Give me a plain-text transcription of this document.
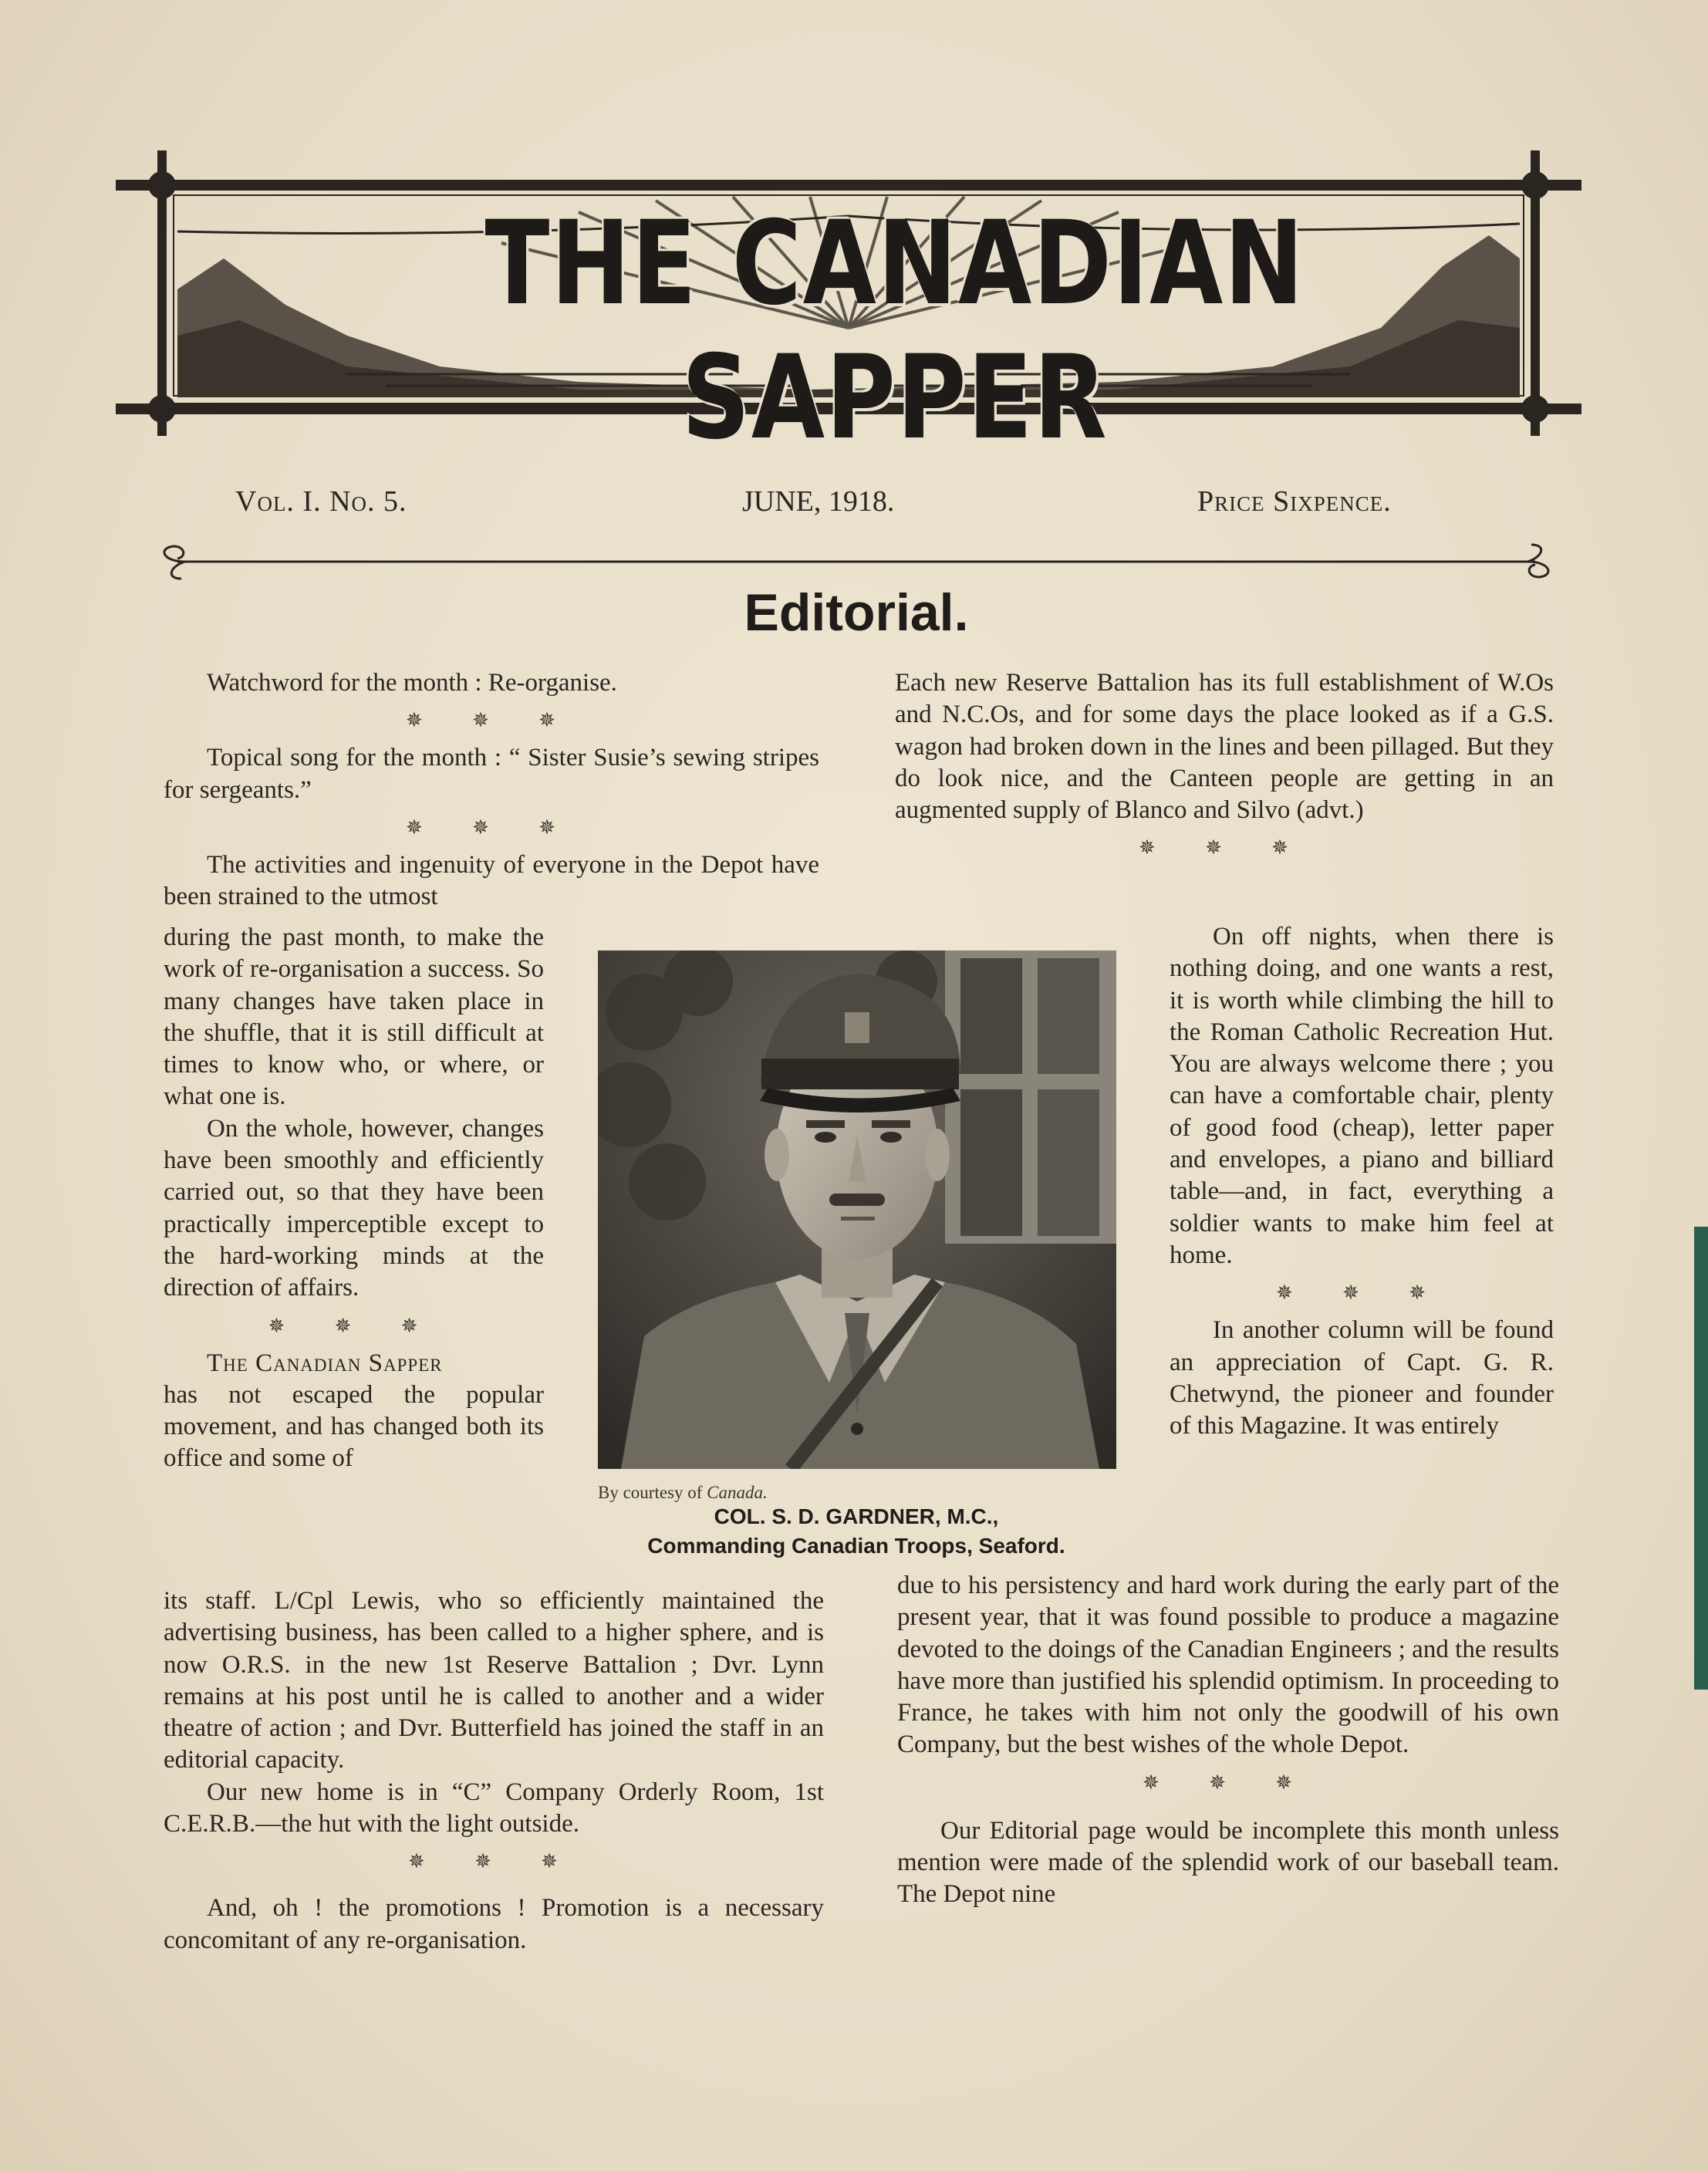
THE CANADIAN SAPPER
Vol. I. No. 5.	JUNE, 1918.	Price Sixpence.
Editorial.

Watchword for the month : Re-organise.

✵ ✵ ✵

Topical song for the month : “ Sister Susie’s sewing stripes for sergeants.”

✵ ✵ ✵

The activities and ingenuity of everyone in the Depot have been strained to the utmost

during the past month, to make the work of re-organisation a success. So many changes have taken place in the shuffle, that it is still difficult at times to know who, or where, or what one is.

On the whole, however, changes have been smoothly and efficiently carried out, so that they have been practically imperceptible except to the hard-working minds at the direction of affairs.

✵ ✵ ✵

The Canadian Sapper

has not escaped the popular movement, and has changed both its office and some of

its staff. L/Cpl Lewis, who so efficiently maintained the advertising business, has been called to a higher sphere, and is now O.R.S. in the new 1st Reserve Battalion ; Dvr. Lynn remains at his post until he is called to another and a wider theatre of action ; and Dvr. Butterfield has joined the staff in an editorial capacity.

Our new home is in “C” Company Orderly Room, 1st C.E.R.B.—the hut with the light outside.

✵ ✵ ✵

And, oh ! the promotions ! Promotion is a necessary concomitant of any re-organisation.

Each new Reserve Battalion has its full establishment of W.Os and N.C.Os, and for some days the place looked as if a G.S. wagon had broken down in the lines and been pillaged. But they do look nice, and the Canteen people are getting in an augmented supply of Blanco and Silvo (advt.)

✵ ✵ ✵

On off nights, when there is nothing doing, and one wants a rest, it is worth while climbing the hill to the Roman Catholic Recreation Hut. You are always welcome there ; you can have a comfortable chair, plenty of good food (cheap), letter paper and envelopes, a piano and billiard table—and, in fact, everything a soldier wants to make him feel at home.

✵ ✵ ✵

In another column will be found an appreciation of Capt. G. R. Chetwynd, the pioneer and founder of this Magazine. It was entirely

due to his persistency and hard work during the early part of the present year, that it was found possible to produce a magazine devoted to the doings of the Canadian Engineers ; and the results have more than justified his splendid optimism. In proceeding to France, he takes with him not only the goodwill of his own Company, but the best wishes of the whole Depot.

✵ ✵ ✵

Our Editorial page would be incomplete this month unless mention were made of the splendid work of our baseball team. The Depot nine

By courtesy of Canada.
COL. S. D. GARDNER, M.C.,
Commanding Canadian Troops, Seaford.
